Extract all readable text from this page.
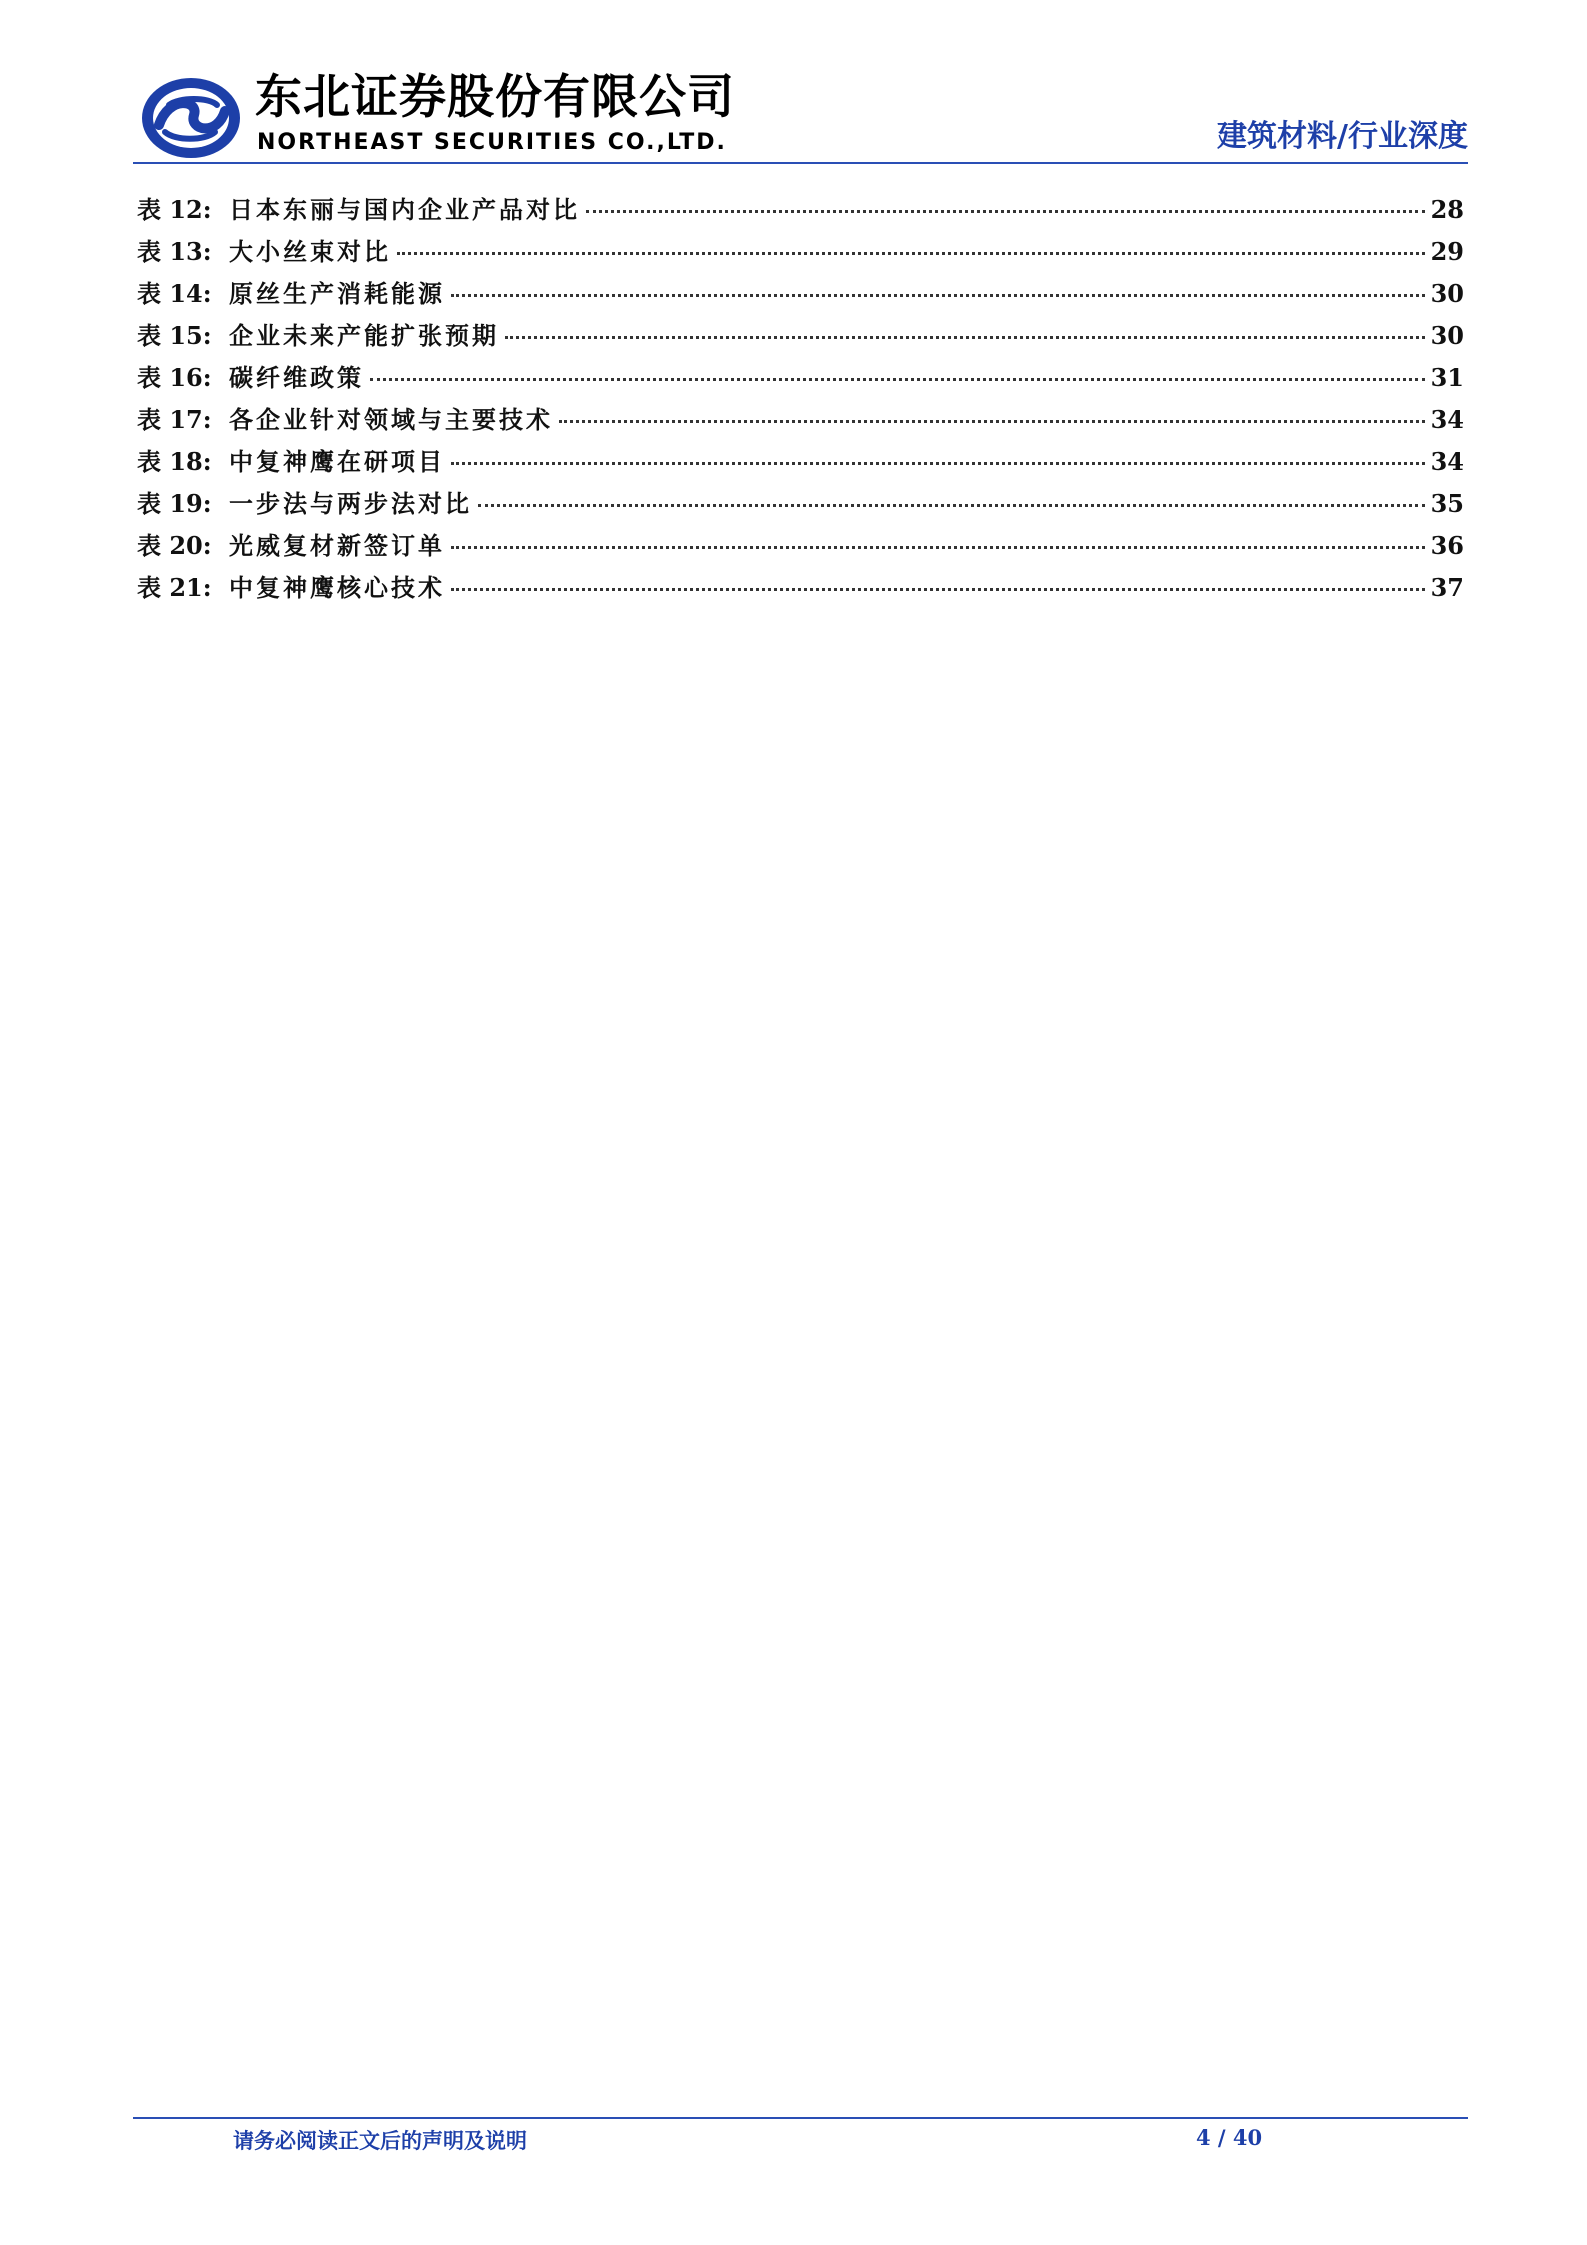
东北证券股份有限公司
NORTHEAST SECURITIES CO.,LTD.	建筑材料/行业深度
表 12: 日本东丽与国内企业产品对比	28
表 13: 大小丝束对比	29
表 14: 原丝生产消耗能源	30
表 15: 企业未来产能扩张预期	30
表 16: 碳纤维政策	31
表 17: 各企业针对领域与主要技术	34
表 18: 中复神鹰在研项目	34
表 19: 一步法与两步法对比	35
表 20: 光威复材新签订单	36
表 21: 中复神鹰核心技术	37
请务必阅读正文后的声明及说明	4 / 40
